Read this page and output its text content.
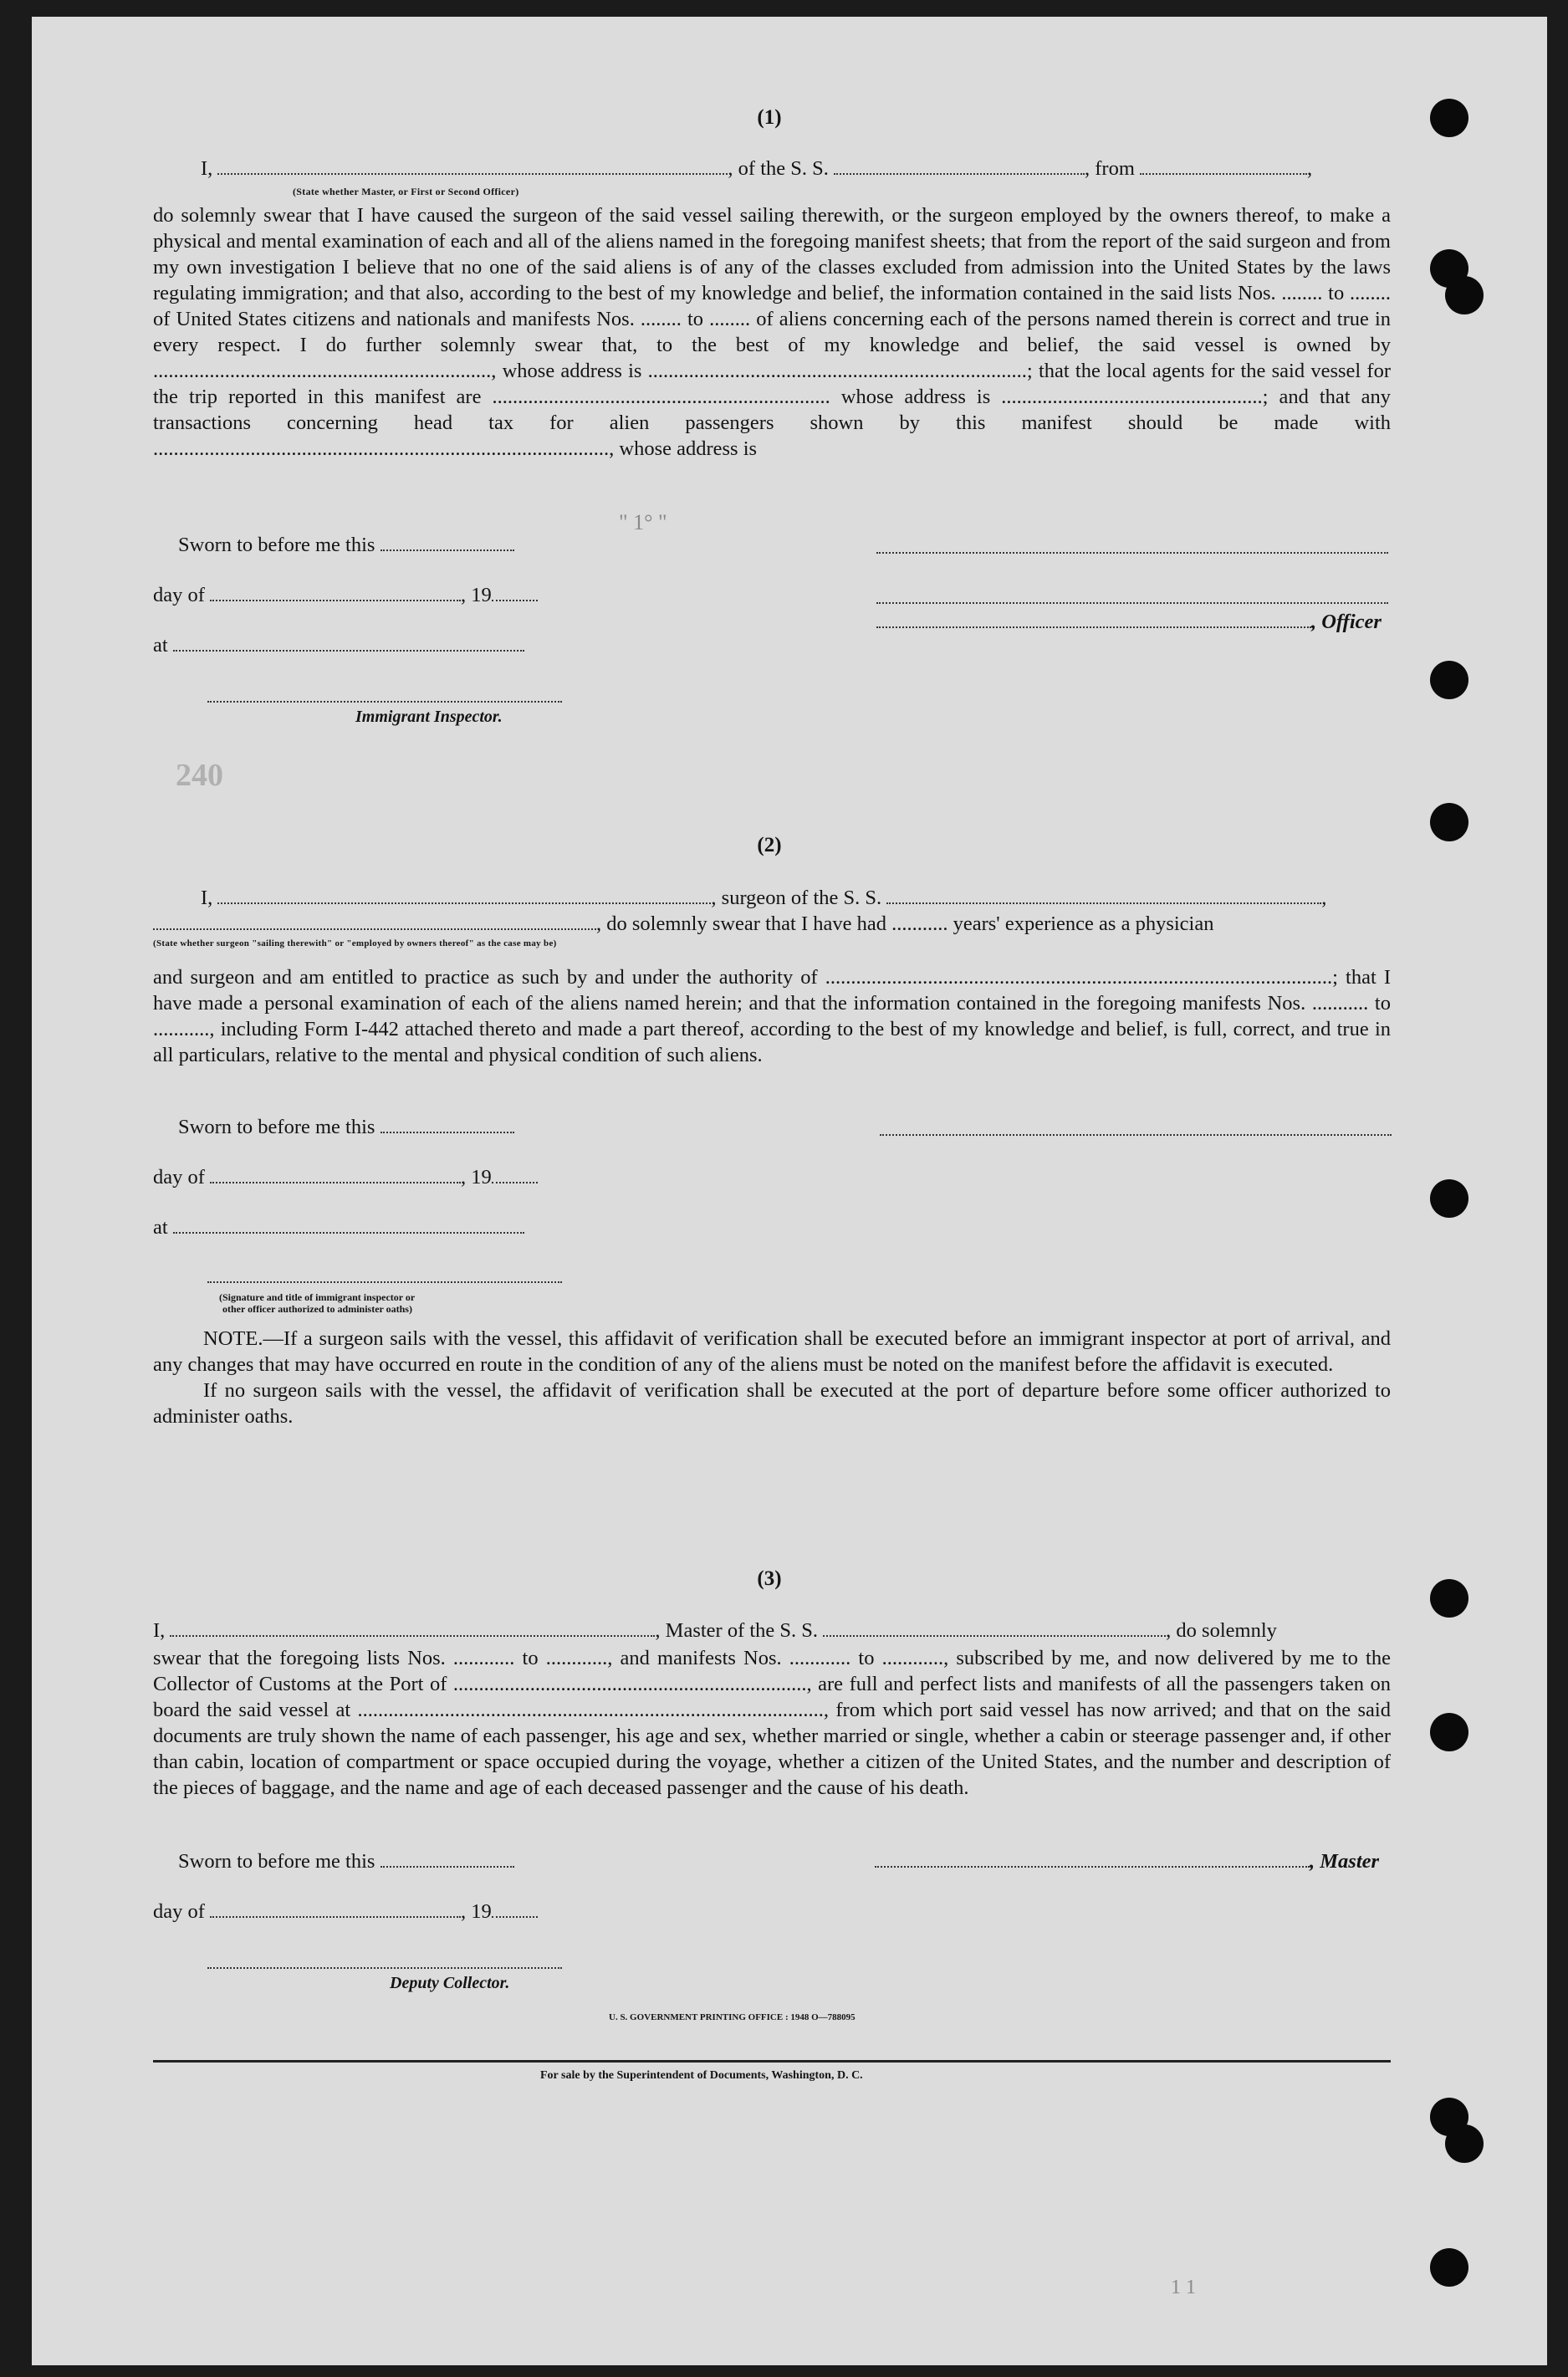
(1)
I,	, of the S. S.	, from	,
(State whether Master, or First or Second Officer)
do solemnly swear that I have caused the surgeon of the said vessel sailing therewith, or the surgeon employed by the owners thereof, to make a physical and mental examination of each and all of the aliens named in the foregoing manifest sheets; that from the report of the said surgeon and from my own investigation I believe that no one of the said aliens is of any of the classes excluded from admission into the United States by the laws regulating immigration; and that also, according to the best of my knowledge and belief, the information contained in the said lists Nos. ........ to ........ of United States citizens and nationals and manifests Nos. ........ to ........ of aliens concerning each of the persons named therein is correct and true in every respect. I do further solemnly swear that, to the best of my knowledge and belief, the said vessel is owned by .................................................................., whose address is ..........................................................................; that the local agents for the said vessel for the trip reported in this manifest are .................................................................. whose address is ...................................................; and that any transactions concerning head tax for alien passengers shown by this manifest should be made with ........................................................................................., whose address is
Sworn to before me this
day of	, 19
at
, Officer
Immigrant Inspector.
" 1° "
240
(2)
I,	, surgeon of the S. S.	,
, do solemnly swear that I have had ........... years' experience as a physician
(State whether surgeon "sailing therewith" or "employed by owners thereof" as the case may be)
and surgeon and am entitled to practice as such by and under the authority of ...................................................................................................; that I have made a personal examination of each of the aliens named herein; and that the information contained in the foregoing manifests Nos. ........... to ..........., including Form I-442 attached thereto and made a part thereof, according to the best of my knowledge and belief, is full, correct, and true in all particulars, relative to the mental and physical condition of such aliens.
Sworn to before me this
day of	, 19
at
(Signature and title of immigrant inspector or
other officer authorized to administer oaths)

NOTE.—If a surgeon sails with the vessel, this affidavit of verification shall be executed before an immigrant inspector at port of arrival, and any changes that may have occurred en route in the condition of any of the aliens must be noted on the manifest before the affidavit is executed.

If no surgeon sails with the vessel, the affidavit of verification shall be executed at the port of departure before some officer authorized to administer oaths.

(3)
I,	, Master of the S. S.	, do solemnly
swear that the foregoing lists Nos. ............ to ............, and manifests Nos. ............ to ............, subscribed by me, and now delivered by me to the Collector of Customs at the Port of ....................................................................., are full and perfect lists and manifests of all the passengers taken on board the said vessel at ..........................................................................................., from which port said vessel has now arrived; and that on the said documents are truly shown the name of each passenger, his age and sex, whether married or single, whether a cabin or steerage passenger and, if other than cabin, location of compartment or space occupied during the voyage, whether a citizen of the United States, and the number and description of the pieces of baggage, and the name and age of each deceased passenger and the cause of his death.
Sworn to before me this	, Master
day of	, 19
Deputy Collector.
U. S. GOVERNMENT PRINTING OFFICE : 1948 O—788095
For sale by the Superintendent of Documents, Washington, D. C.
1 1
